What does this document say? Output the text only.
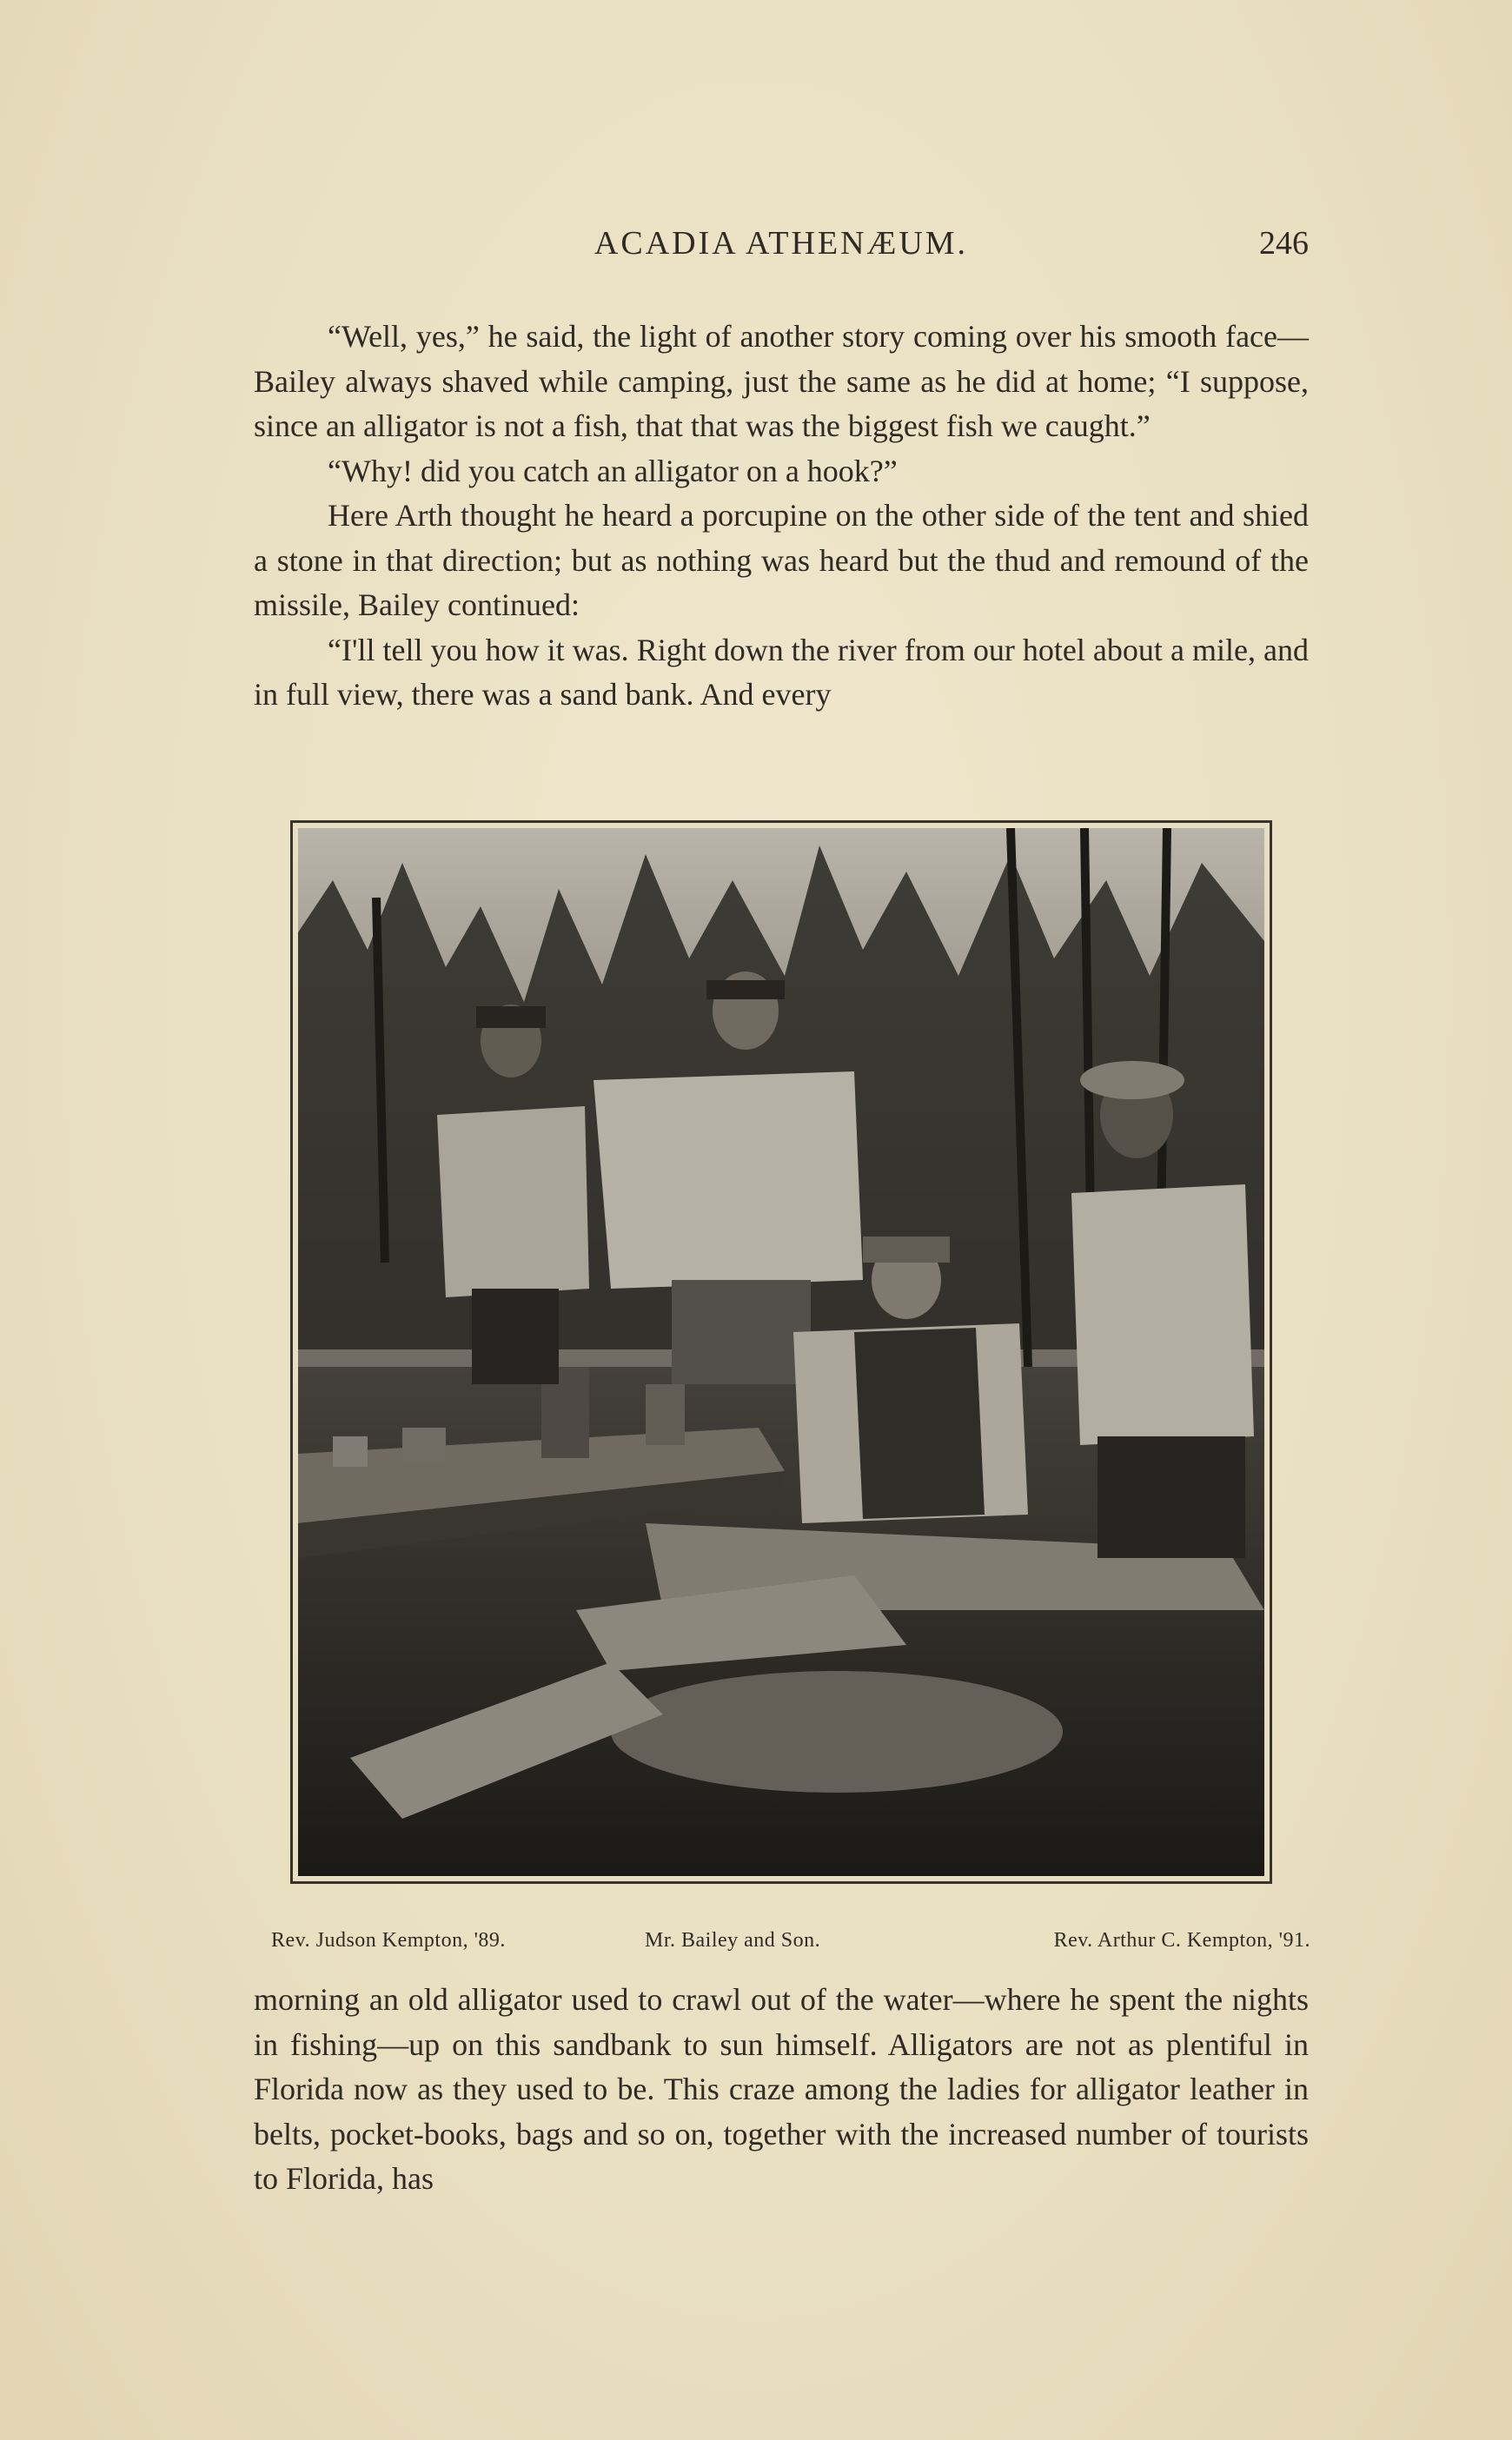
ACADIA ATHENÆUM.	246

“Well, yes,” he said, the light of another story coming over his smooth face—Bailey always shaved while camping, just the same as he did at home; “I suppose, since an alligator is not a fish, that that was the biggest fish we caught.”

“Why! did you catch an alligator on a hook?”

Here Arth thought he heard a porcupine on the other side of the tent and shied a stone in that direction; but as nothing was heard but the thud and remound of the missile, Bailey continued:

“I'll tell you how it was. Right down the river from our hotel about a mile, and in full view, there was a sand bank. And every

Rev. Judson Kempton, '89.	Mr. Bailey and Son.	Rev. Arthur C. Kempton, '91.

morning an old alligator used to crawl out of the water—where he spent the nights in fishing—up on this sandbank to sun himself. Alligators are not as plentiful in Florida now as they used to be. This craze among the ladies for alligator leather in belts, pocket-books, bags and so on, together with the increased number of tourists to Florida, has
